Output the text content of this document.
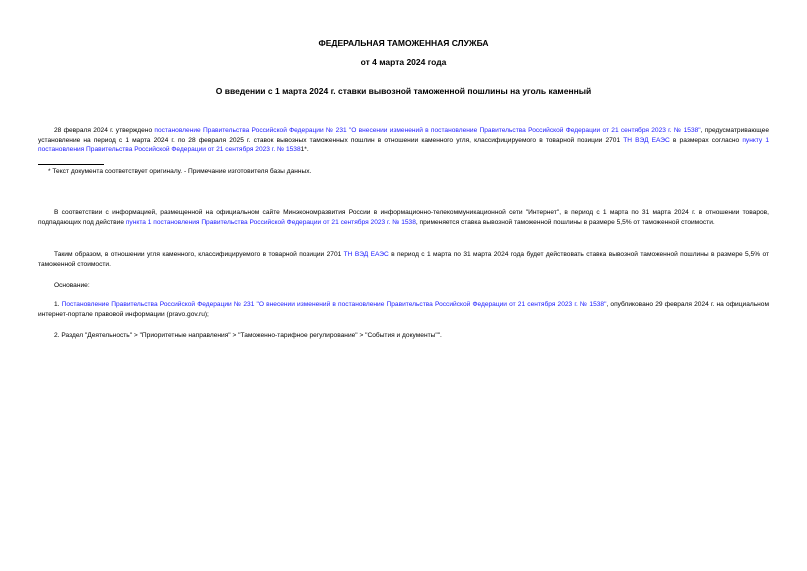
ФЕДЕРАЛЬНАЯ ТАМОЖЕННАЯ СЛУЖБА
от 4 марта 2024 года
О введении с 1 марта 2024 г. ставки вывозной таможенной пошлины на уголь каменный
28 февраля 2024 г. утверждено постановление Правительства Российской Федерации № 231 "О внесении изменений в постановление Правительства Российской Федерации от 21 сентября 2023 г. № 1538", предусматривающее установление на период с 1 марта 2024 г. по 28 февраля 2025 г. ставок вывозных таможенных пошлин в отношении каменного угля, классифицируемого в товарной позиции 2701 ТН ВЭД ЕАЭС в размерах согласно пункту 1 постановления Правительства Российской Федерации от 21 сентября 2023 г. № 15381*.
* Текст документа соответствует оригиналу. - Примечание изготовителя базы данных.
В соответствии с информацией, размещенной на официальном сайте Минэкономразвития России в информационно-телекоммуникационной сети "Интернет", в период с 1 марта по 31 марта 2024 г. в отношении товаров, подпадающих под действие пункта 1 постановления Правительства Российской Федерации от 21 сентября 2023 г. № 1538, применяется ставка вывозной таможенной пошлины в размере 5,5% от таможенной стоимости.
Таким образом, в отношении угля каменного, классифицируемого в товарной позиции 2701 ТН ВЭД ЕАЭС в период с 1 марта по 31 марта 2024 года будет действовать ставка вывозной таможенной пошлины в размере 5,5% от таможенной стоимости.
Основание:
1. Постановление Правительства Российской Федерации № 231 "О внесении изменений в постановление Правительства Российской Федерации от 21 сентября 2023 г. № 1538", опубликовано 29 февраля 2024 г. на официальном интернет-портале правовой информации (pravo.gov.ru);
2. Раздел "Деятельность" > "Приоритетные направления" > "Таможенно-тарифное регулирование" > "События и документы"".
